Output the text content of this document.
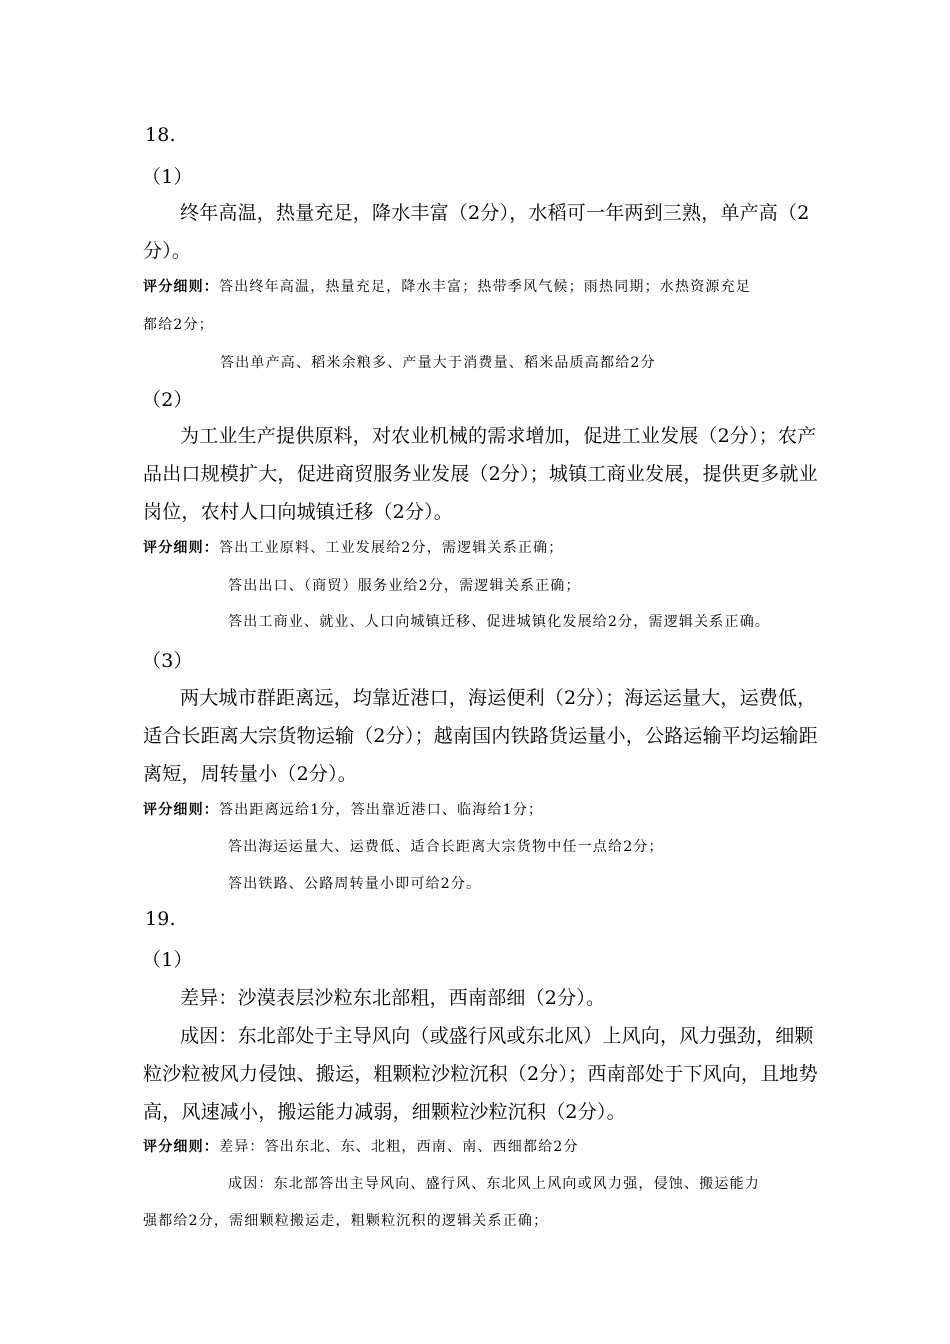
18.
（1）
终年高温，热量充足，降水丰富（2分），水稻可一年两到三熟，单产高（2
分）。
评分细则：答出终年高温，热量充足，降水丰富；热带季风气候；雨热同期；水热资源充足
都给2分；
答出单产高、稻米余粮多、产量大于消费量、稻米品质高都给2分
（2）
为工业生产提供原料，对农业机械的需求增加，促进工业发展（2分）；农产
品出口规模扩大，促进商贸服务业发展（2分）；城镇工商业发展，提供更多就业
岗位，农村人口向城镇迁移（2分）。
评分细则：答出工业原料、工业发展给2分，需逻辑关系正确；
答出出口、（商贸）服务业给2分，需逻辑关系正确；
答出工商业、就业、人口向城镇迁移、促进城镇化发展给2分，需逻辑关系正确。
（3）
两大城市群距离远，均靠近港口，海运便利（2分）；海运运量大，运费低，
适合长距离大宗货物运输（2分）；越南国内铁路货运量小，公路运输平均运输距
离短，周转量小（2分）。
评分细则：答出距离远给1分，答出靠近港口、临海给1分；
答出海运运量大、运费低、适合长距离大宗货物中任一点给2分；
答出铁路、公路周转量小即可给2分。
19.
（1）
差异：沙漠表层沙粒东北部粗，西南部细（2分）。
成因：东北部处于主导风向（或盛行风或东北风）上风向，风力强劲，细颗
粒沙粒被风力侵蚀、搬运，粗颗粒沙粒沉积（2分）；西南部处于下风向，且地势
高，风速减小，搬运能力减弱，细颗粒沙粒沉积（2分）。
评分细则：差异：答出东北、东、北粗，西南、南、西细都给2分
成因：东北部答出主导风向、盛行风、东北风上风向或风力强，侵蚀、搬运能力
强都给2分，需细颗粒搬运走，粗颗粒沉积的逻辑关系正确；
